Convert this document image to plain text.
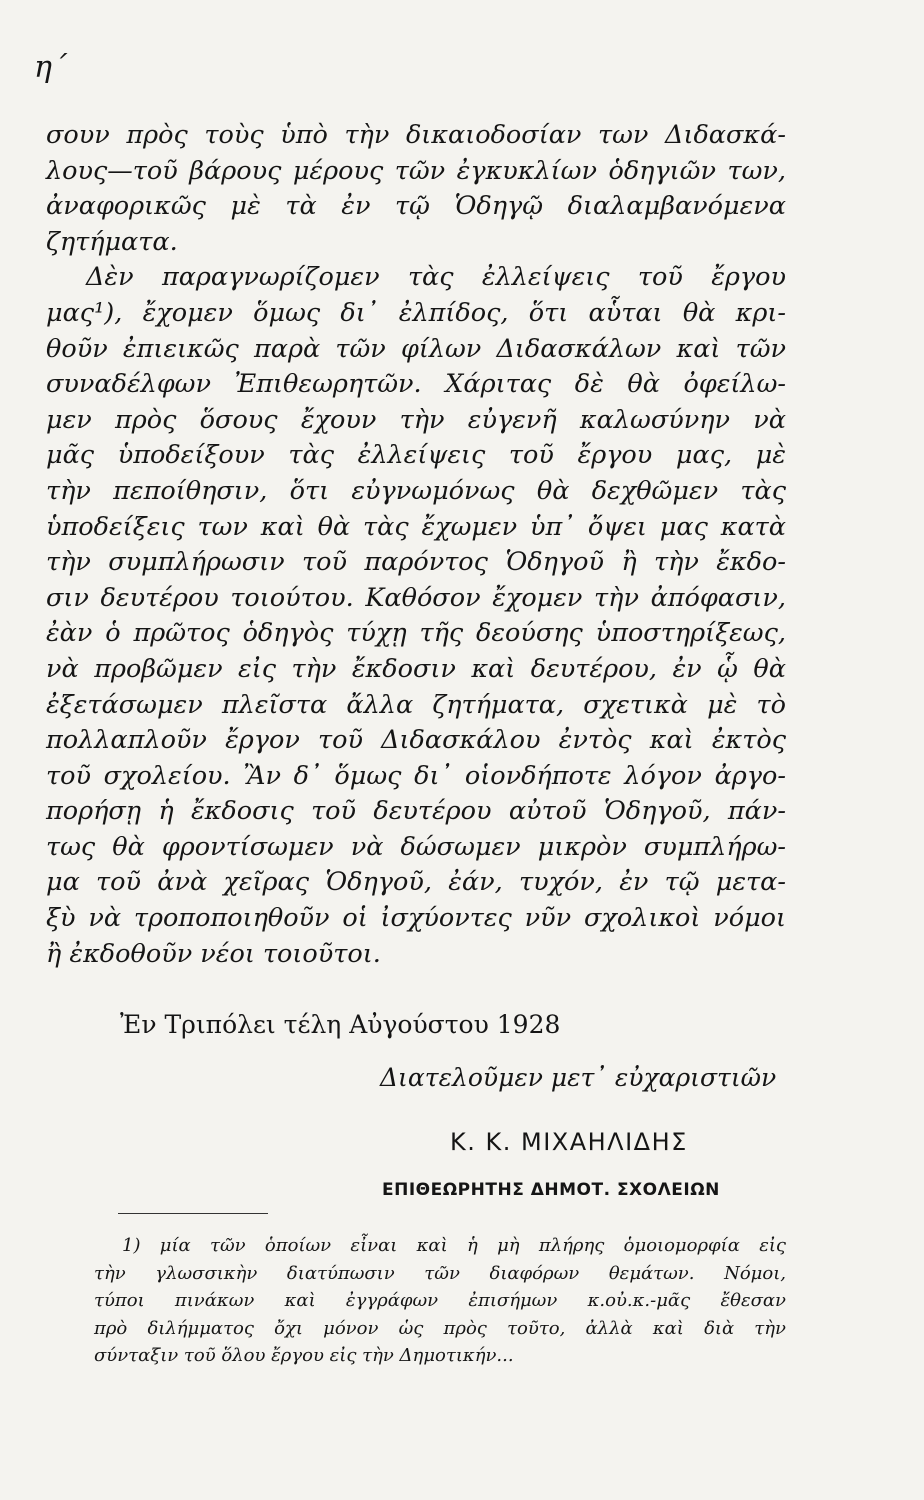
η΄
σουν πρὸς τοὺς ὑπὸ τὴν δικαιοδοσίαν των Διδασκά-
λους—τοῦ βάρους μέρους τῶν ἐγκυκλίων ὁδηγιῶν των,
ἀναφορικῶς μὲ τὰ ἐν τῷ Ὁδηγῷ διαλαμβανόμενα
ζητήματα.
Δὲν παραγνωρίζομεν τὰς ἐλλείψεις τοῦ ἔργου
μας¹), ἔχομεν ὅμως δι᾽ ἐλπίδος, ὅτι αὗται θὰ κρι-
θοῦν ἐπιεικῶς παρὰ τῶν φίλων Διδασκάλων καὶ τῶν
συναδέλφων Ἐπιθεωρητῶν. Χάριτας δὲ θὰ ὀφείλω-
μεν πρὸς ὅσους ἔχουν τὴν εὐγενῆ καλωσύνην νὰ
μᾶς ὑποδείξουν τὰς ἐλλείψεις τοῦ ἔργου μας, μὲ
τὴν πεποίθησιν, ὅτι εὐγνωμόνως θὰ δεχθῶμεν τὰς
ὑποδείξεις των καὶ θὰ τὰς ἔχωμεν ὑπ᾽ ὄψει μας κατὰ
τὴν συμπλήρωσιν τοῦ παρόντος Ὁδηγοῦ ἢ τὴν ἔκδο-
σιν δευτέρου τοιούτου. Καθόσον ἔχομεν τὴν ἀπόφασιν,
ἐὰν ὁ πρῶτος ὁδηγὸς τύχῃ τῆς δεούσης ὑποστηρίξεως,
νὰ προβῶμεν εἰς τὴν ἔκδοσιν καὶ δευτέρου, ἐν ᾧ θὰ
ἐξετάσωμεν πλεῖστα ἄλλα ζητήματα, σχετικὰ μὲ τὸ
πολλαπλοῦν ἔργον τοῦ Διδασκάλου ἐντὸς καὶ ἐκτὸς
τοῦ σχολείου. Ἂν δ᾽ ὅμως δι᾽ οἱονδήποτε λόγον ἀργο-
πορήσῃ ἡ ἔκδοσις τοῦ δευτέρου αὐτοῦ Ὁδηγοῦ, πάν-
τως θὰ φροντίσωμεν νὰ δώσωμεν μικρὸν συμπλήρω-
μα τοῦ ἀνὰ χεῖρας Ὁδηγοῦ, ἐάν, τυχόν, ἐν τῷ μετα-
ξὺ νὰ τροποποιηθοῦν οἱ ἰσχύοντες νῦν σχολικοὶ νόμοι
ἢ ἐκδοθοῦν νέοι τοιοῦτοι.
Ἐν Τριπόλει τέλη Αὐγούστου 1928
Διατελοῦμεν μετ᾽ εὐχαριστιῶν
Κ. Κ. ΜΙΧΑΗΛΙΔΗΣ
ΕΠΙΘΕΩΡΗΤΗΣ ΔΗΜΟΤ. ΣΧΟΛΕΙΩΝ
1) μία τῶν ὁποίων εἶναι καὶ ἡ μὴ πλήρης ὁμοιομορφία εἰς
τὴν γλωσσικὴν διατύπωσιν τῶν διαφόρων θεμάτων. Νόμοι,
τύποι πινάκων καὶ ἐγγράφων ἐπισήμων κ.οὐ.κ.-μᾶς ἔθεσαν
πρὸ διλήμματος ὄχι μόνον ὡς πρὸς τοῦτο, ἀλλὰ καὶ διὰ τὴν
σύνταξιν τοῦ ὅλου ἔργου εἰς τὴν Δημοτικήν...
